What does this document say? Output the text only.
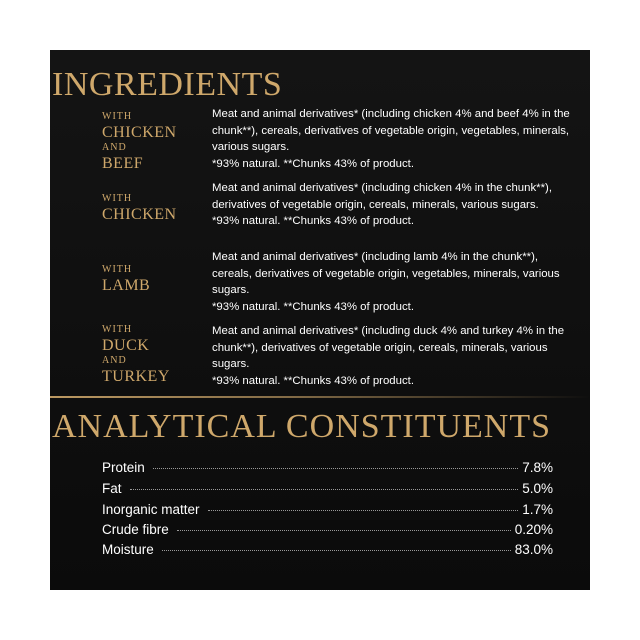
INGREDIENTS
WITH
CHICKEN
AND
BEEF
Meat and animal derivatives* (including chicken 4% and beef 4% in the chunk**), cereals, derivatives of vegetable origin, vegetables, minerals, various sugars.
*93% natural. **Chunks 43% of product.
WITH
CHICKEN
Meat and animal derivatives* (including chicken 4% in the chunk**), derivatives of vegetable origin, cereals, minerals, various sugars.
*93% natural. **Chunks 43% of product.
WITH
LAMB
Meat and animal derivatives* (including lamb 4% in the chunk**), cereals, derivatives of vegetable origin, vegetables, minerals, various sugars.
*93% natural. **Chunks 43% of product.
WITH
DUCK
AND
TURKEY
Meat and animal derivatives* (including duck 4% and turkey 4% in the chunk**), derivatives of vegetable origin, cereals, minerals, various sugars.
*93% natural. **Chunks 43% of product.
ANALYTICAL CONSTITUENTS
Protein	7.8%
Fat	5.0%
Inorganic matter	1.7%
Crude fibre	0.20%
Moisture	83.0%
